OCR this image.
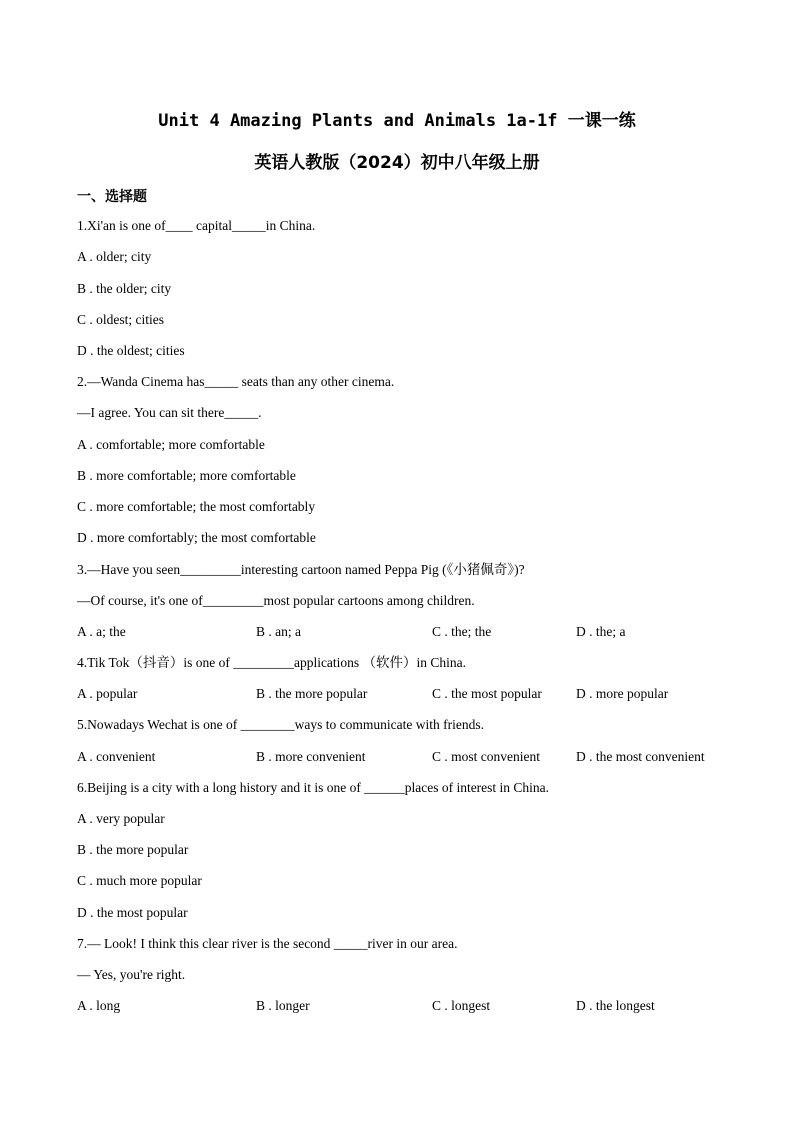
Unit 4 Amazing Plants and Animals 1a-1f 一课一练
英语人教版（2024）初中八年级上册
一、选择题
1.Xi'an is one of____ capital_____in China.
A . older; city
B . the older; city
C . oldest; cities
D . the oldest; cities
2.—Wanda Cinema has_____ seats than any other cinema.
—I agree. You can sit there_____.
A . comfortable; more comfortable
B . more comfortable; more comfortable
C . more comfortable; the most comfortably
D . more comfortably; the most comfortable
3.—Have you seen_________interesting cartoon named Peppa Pig (《小猪佩奇》)?
—Of course, it's one of_________most popular cartoons among children.
A . a; the	B . an; a	C . the; the	D . the; a
4.Tik Tok（抖音）is one of _________applications （软件）in China.
A . popular	B . the more popular	C . the most popular	D . more popular
5.Nowadays Wechat is one of ________ways to communicate with friends.
A . convenient	B . more convenient	C . most convenient	D . the most convenient
6.Beijing is a city with a long history and it is one of ______places of interest in China.
A . very popular
B . the more popular
C . much more popular
D . the most popular
7.— Look! I think this clear river is the second _____river in our area.
— Yes, you're right.
A . long	B . longer	C . longest	D . the longest
